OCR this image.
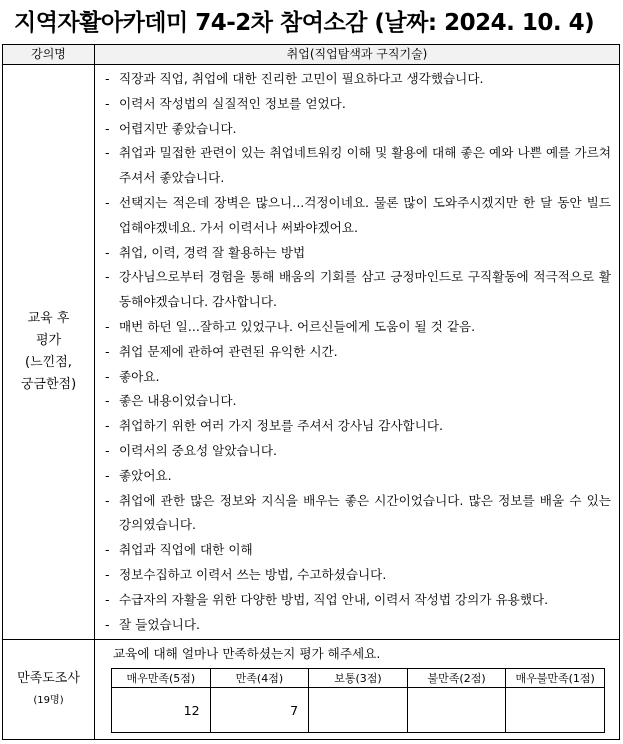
지역자활아카데미 74-2차 참여소감 (날짜: 2024. 10. 4)
강의명	취업(직업탐색과 구직기술)

교육 후
평가
(느낀점,
궁금한점)

- 직장과 직업, 취업에 대한 진리한 고민이 필요하다고 생각했습니다.
- 이력서 작성법의 실질적인 정보를 얻었다.
- 어렵지만 좋았습니다.
- 취업과 밀접한 관련이 있는 취업네트워킹 이해 및 활용에 대해 좋은 예와 나쁜 예를 가르쳐주셔서 좋았습니다.
- 선택지는 적은데 장벽은 많으니...걱정이네요. 물론 많이 도와주시겠지만 한 달 동안 빌드업해야겠네요. 가서 이력서나 써봐야겠어요.
- 취업, 이력, 경력 잘 활용하는 방법
- 강사님으로부터 경험을 통해 배움의 기회를 삼고 긍정마인드로 구직활동에 적극적으로 활동해야겠습니다. 감사합니다.
- 매번 하던 일...잘하고 있었구나. 어르신들에게 도움이 될 것 같음.
- 취업 문제에 관하여 관련된 유익한 시간.
- 좋아요.
- 좋은 내용이었습니다.
- 취업하기 위한 여러 가지 정보를 주셔서 강사님 감사합니다.
- 이력서의 중요성 알았습니다.
- 좋았어요.
- 취업에 관한 많은 정보와 지식을 배우는 좋은 시간이었습니다. 많은 정보를 배울 수 있는 강의였습니다.
- 취업과 직업에 대한 이해
- 정보수집하고 이력서 쓰는 방법, 수고하셨습니다.
- 수급자의 자활을 위한 다양한 방법, 직업 안내, 이력서 작성법 강의가 유용했다.
- 잘 들었습니다.

만족도조사
(19명)

교육에 대해 얼마나 만족하셨는지 평가 해주세요.
매우만족(5점)	만족(4점)	보통(3점)	불만족(2점)	매우불만족(1점)
12	7			
